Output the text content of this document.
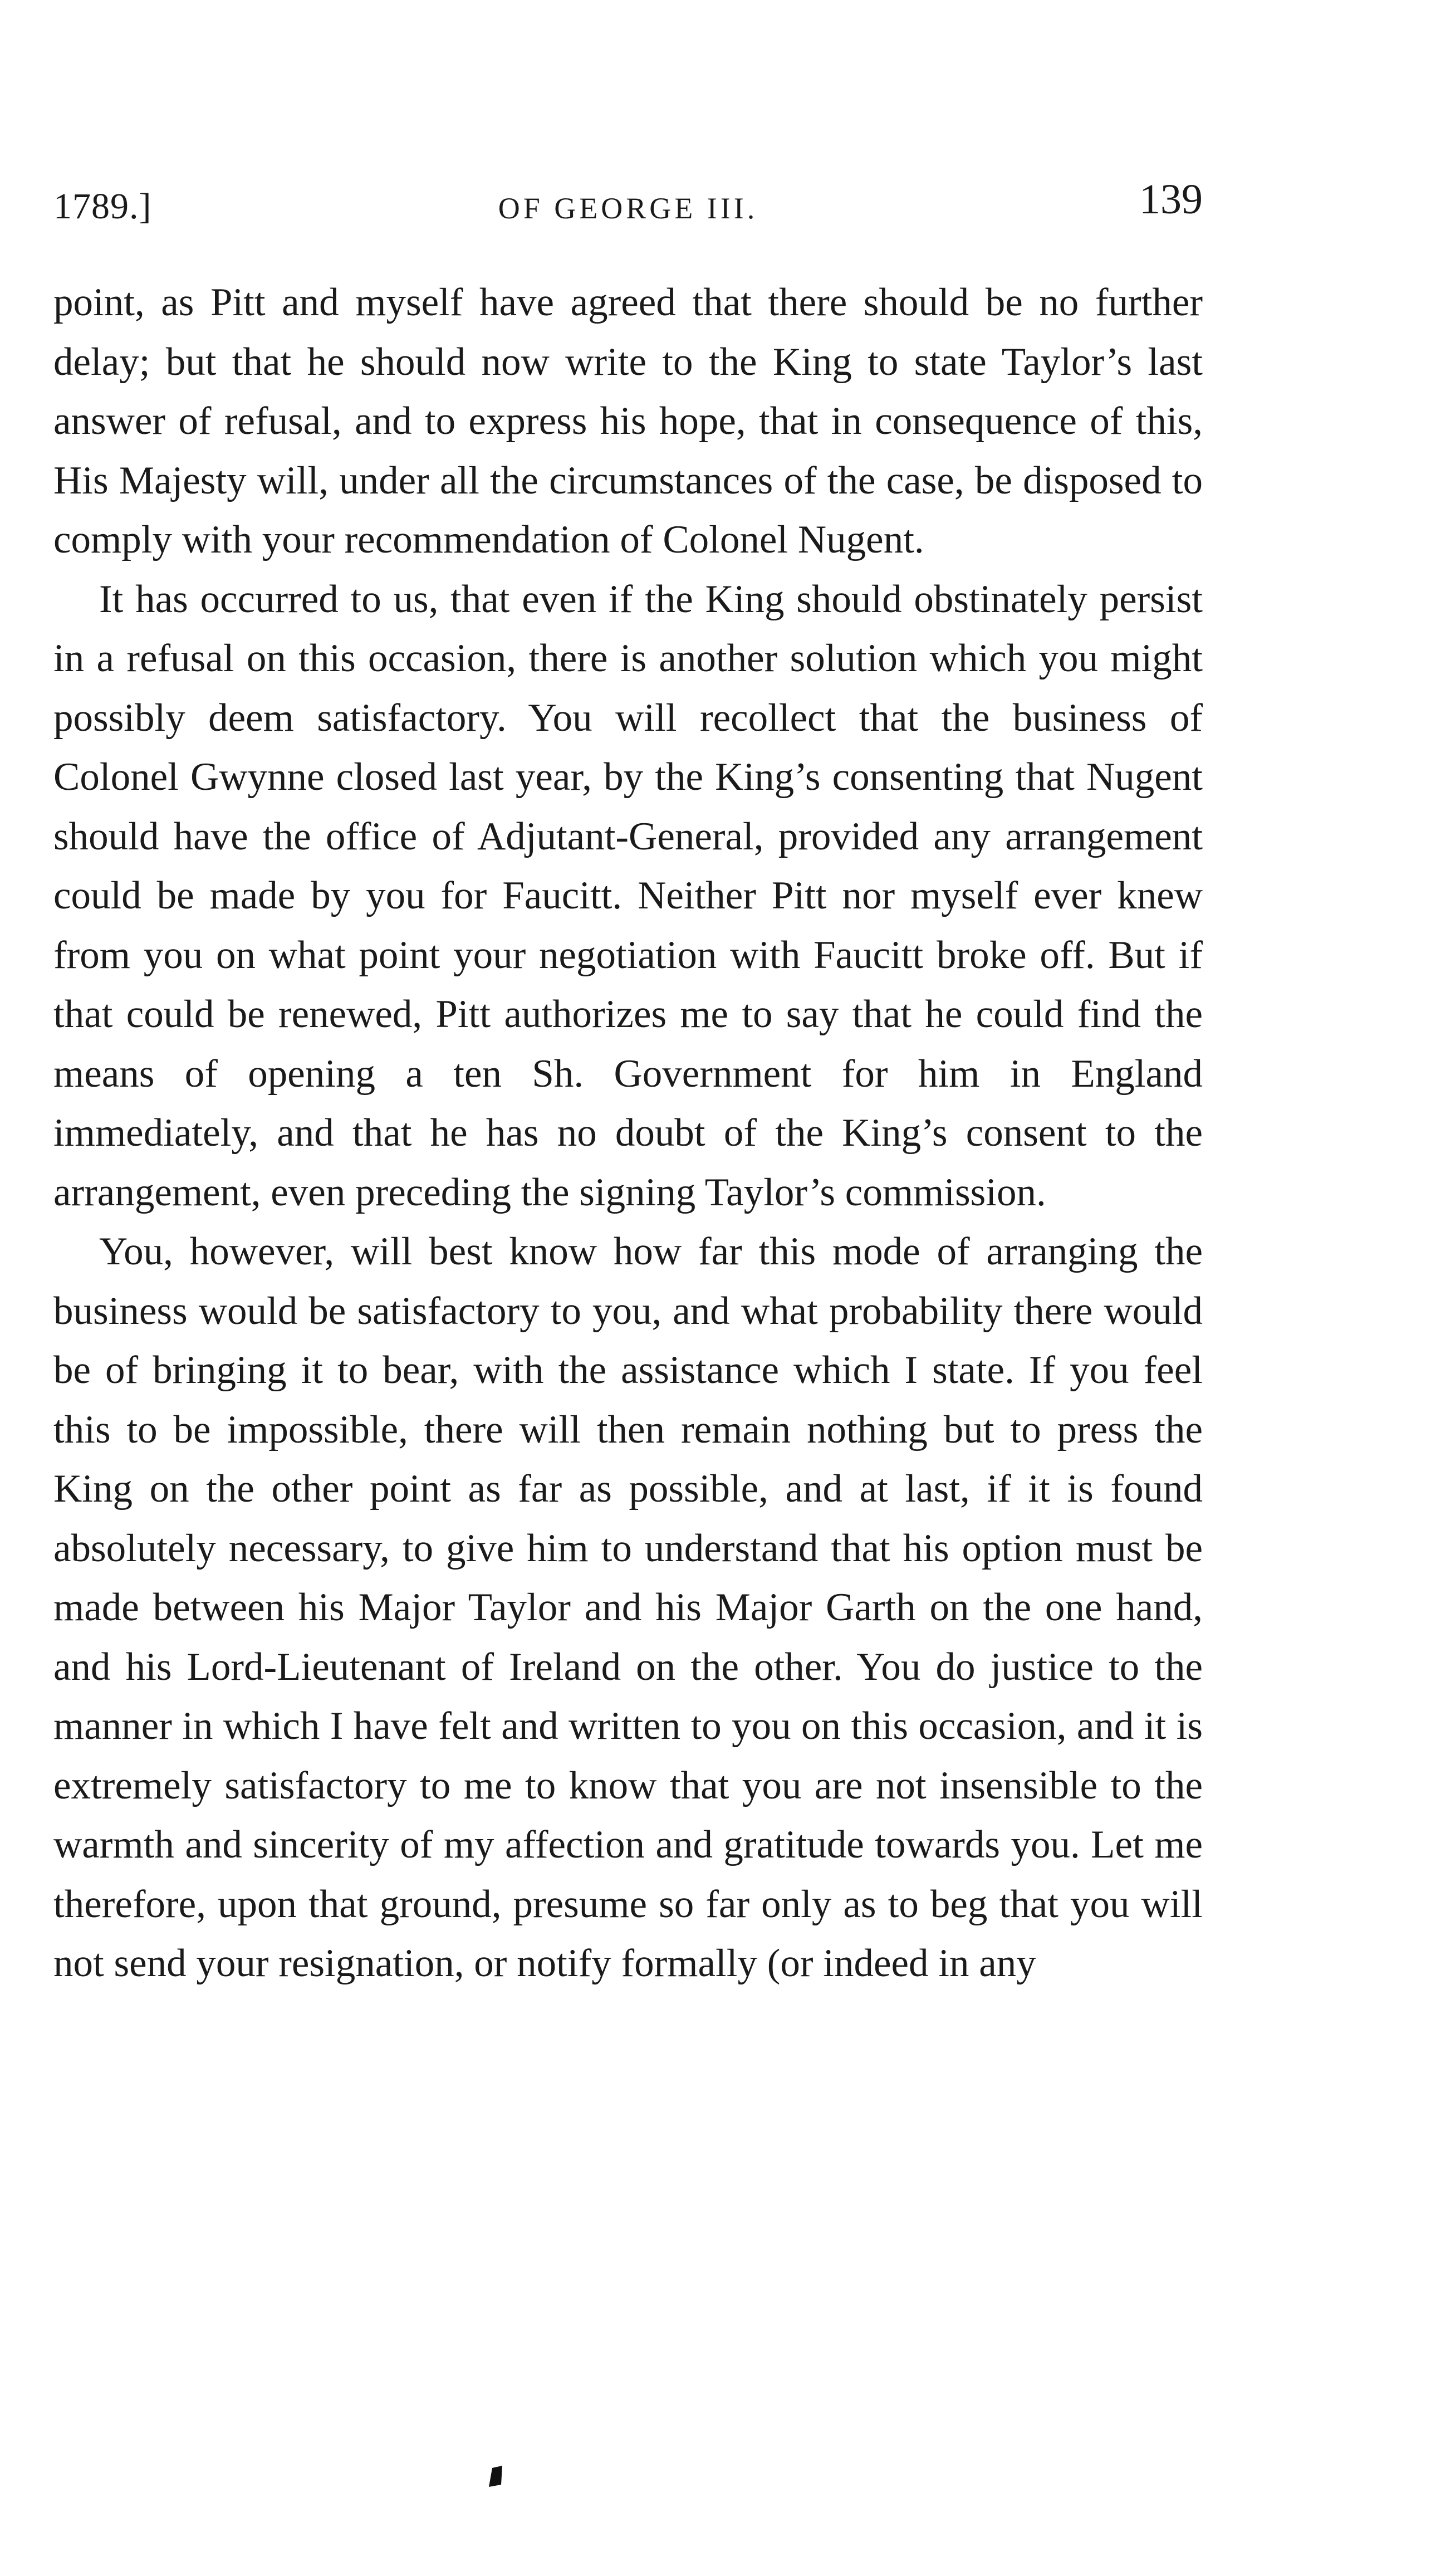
1789.]	OF GEORGE III.	139

point, as Pitt and myself have agreed that there should be no further delay; but that he should now write to the King to state Taylor’s last answer of refusal, and to express his hope, that in consequence of this, His Majesty will, under all the circumstances of the case, be disposed to comply with your recommendation of Colonel Nugent.

It has occurred to us, that even if the King should obstinately persist in a refusal on this occasion, there is another solution which you might possibly deem satisfactory. You will recollect that the business of Colonel Gwynne closed last year, by the King’s consenting that Nugent should have the office of Adjutant-General, provided any arrangement could be made by you for Faucitt. Neither Pitt nor myself ever knew from you on what point your negotiation with Faucitt broke off. But if that could be renewed, Pitt authorizes me to say that he could find the means of opening a ten Sh. Government for him in England immediately, and that he has no doubt of the King’s consent to the arrangement, even preceding the signing Taylor’s commission.

You, however, will best know how far this mode of arranging the business would be satisfactory to you, and what probability there would be of bringing it to bear, with the assistance which I state. If you feel this to be impossible, there will then remain nothing but to press the King on the other point as far as possible, and at last, if it is found absolutely necessary, to give him to understand that his option must be made between his Major Taylor and his Major Garth on the one hand, and his Lord-Lieutenant of Ireland on the other. You do justice to the manner in which I have felt and written to you on this occasion, and it is extremely satisfactory to me to know that you are not insensible to the warmth and sincerity of my affection and gratitude towards you. Let me therefore, upon that ground, presume so far only as to beg that you will not send your resignation, or notify formally (or indeed in any
